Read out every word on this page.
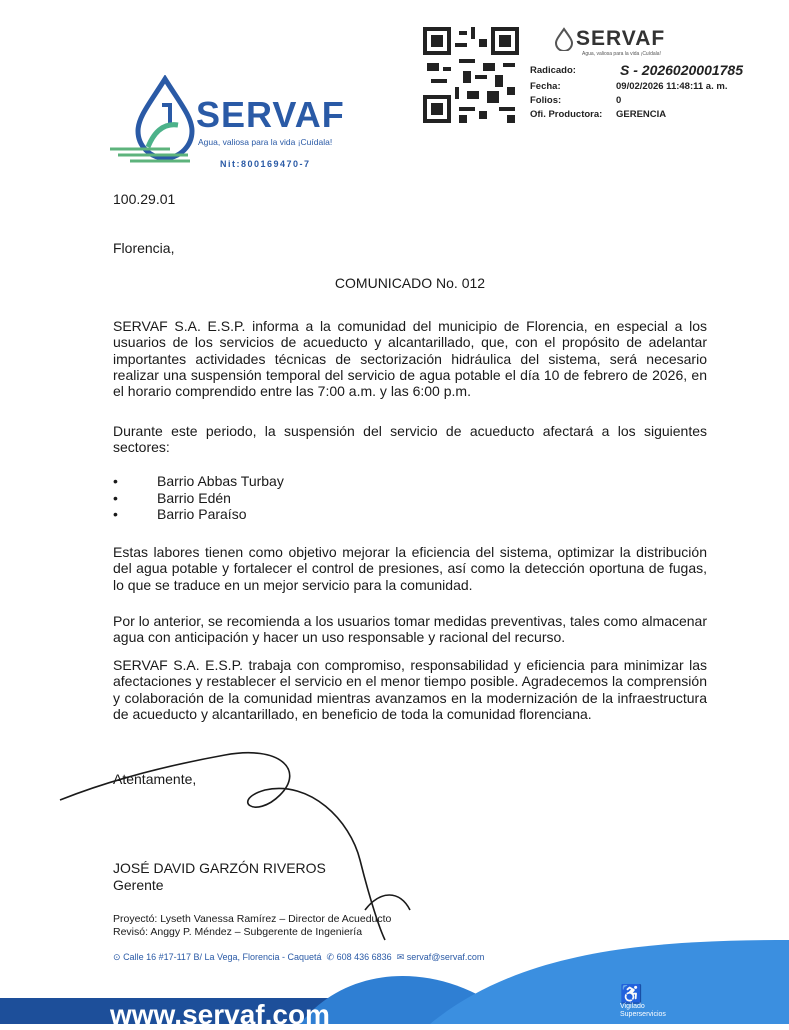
SERVAF
Agua, valiosa para la vida ¡Cuídala!
Nit:800169470-7
SERVAF
Agua, valiosa para la vida ¡Cuídala!
Radicado:	S - 2026020001785
Fecha:	09/02/2026 11:48:11 a. m.
Folios:	0
Ofi. Productora:	GERENCIA
100.29.01
Florencia,
COMUNICADO No. 012

SERVAF S.A. E.S.P. informa a la comunidad del municipio de Florencia, en especial a los usuarios de los servicios de acueducto y alcantarillado, que, con el propósito de adelantar importantes actividades técnicas de sectorización hidráulica del sistema, será necesario realizar una suspensión temporal del servicio de agua potable el día 10 de febrero de 2026, en el horario comprendido entre las 7:00 a.m. y las 6:00 p.m.

Durante este periodo, la suspensión del servicio de acueducto afectará a los siguientes sectores:

• Barrio Abbas Turbay
• Barrio Edén
• Barrio Paraíso

Estas labores tienen como objetivo mejorar la eficiencia del sistema, optimizar la distribución del agua potable y fortalecer el control de presiones, así como la detección oportuna de fugas, lo que se traduce en un mejor servicio para la comunidad.

Por lo anterior, se recomienda a los usuarios tomar medidas preventivas, tales como almacenar agua con anticipación y hacer un uso responsable y racional del recurso.

SERVAF S.A. E.S.P. trabaja con compromiso, responsabilidad y eficiencia para minimizar las afectaciones y restablecer el servicio en el menor tiempo posible. Agradecemos la comprensión y colaboración de la comunidad mientras avanzamos en la modernización de la infraestructura de acueducto y alcantarillado, en beneficio de toda la comunidad florenciana.

Atentamente,
JOSÉ DAVID GARZÓN RIVEROS
Gerente
Proyectó: Lyseth Vanessa Ramírez – Director de Acueducto
Revisó: Anggy P. Méndez – Subgerente de Ingeniería
⊙ Calle 16 #17-117 B/ La Vega, Florencia - Caquetá ✆ 608 436 6836 ✉ servaf@servaf.com
www.servaf.com
♿
Vigilado
Superservicios
